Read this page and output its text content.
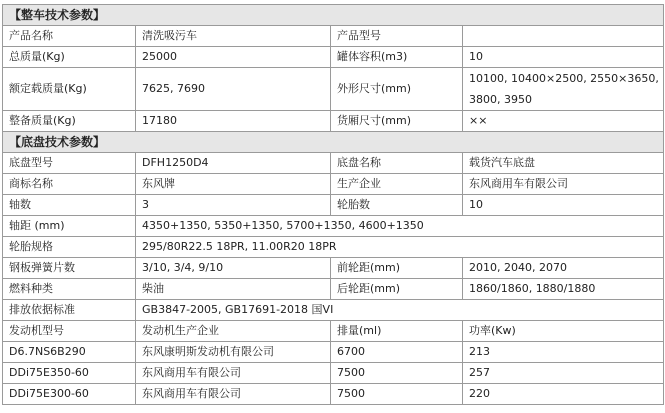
【整车技术参数】			
产品名称	清洗吸污车	产品型号	
总质量(Kg)	25000	罐体容积(m3)	10
额定载质量(Kg)	7625, 7690	外形尺寸(mm)	10100, 10400×2500, 2550×3650, 3800, 3950
整备质量(Kg)	17180	货厢尺寸(mm)	××
【底盘技术参数】			
底盘型号	DFH1250D4	底盘名称	载货汽车底盘
商标名称	东风牌	生产企业	东风商用车有限公司
轴数	3	轮胎数	10
轴距 (mm)	4350+1350, 5350+1350, 5700+1350, 4600+1350		
轮胎规格	295/80R22.5 18PR, 11.00R20 18PR		
钢板弹簧片数	3/10, 3/4, 9/10	前轮距(mm)	2010, 2040, 2070
燃料种类	柴油	后轮距(mm)	1860/1860, 1880/1880
排放依据标准	GB3847-2005, GB17691-2018 国VI		
发动机型号	发动机生产企业	排量(ml)	功率(Kw)
D6.7NS6B290	东风康明斯发动机有限公司	6700	213
DDi75E350-60	东风商用车有限公司	7500	257
DDi75E300-60	东风商用车有限公司	7500	220
